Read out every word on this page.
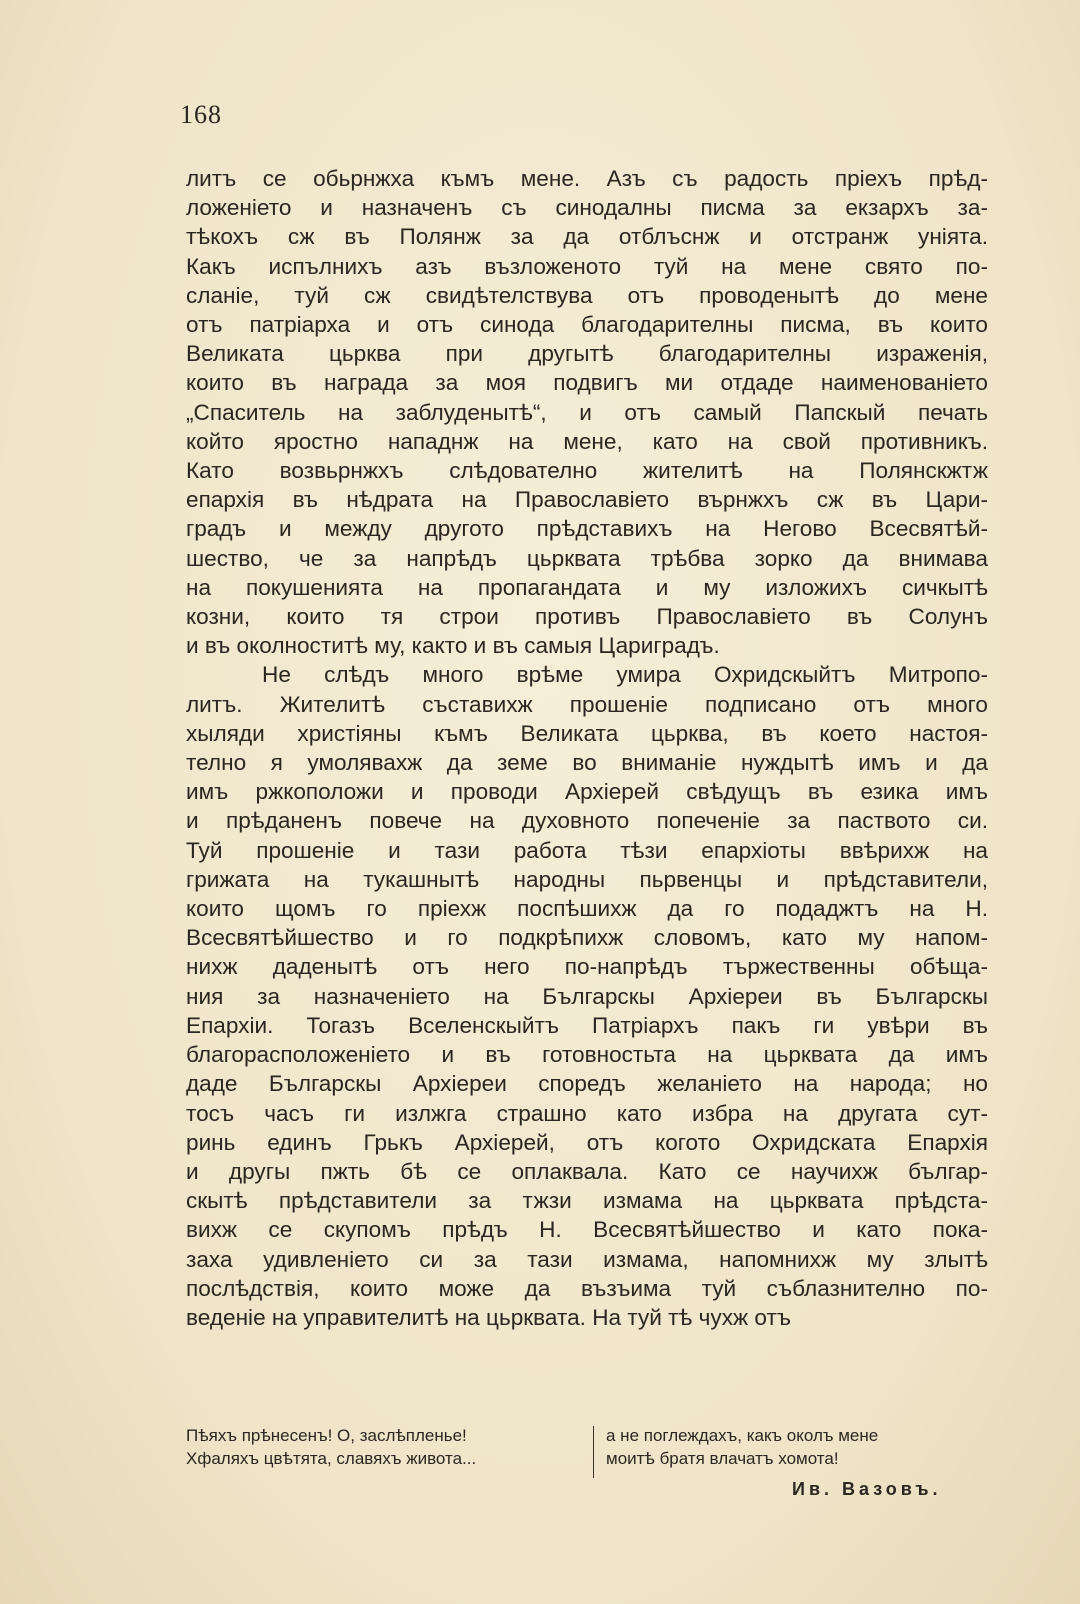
168
литъ се обьрнжха къмъ мене. Азъ съ радость пріехъ прѣд-
ложеніето и назначенъ съ синодалны писма за екзархъ за-
тѣкохъ сж въ Полянж за да отблъснж и отстранж уніята.
Какъ испълнихъ азъ възложенoто туй на мене свято по-
сланіе, туй сж свидѣтелствува отъ проводенытѣ до мене
отъ патріарха и отъ синода благодарителны писма, въ които
Великата цьрква при другытѣ благодарителны израженія,
които въ награда за моя подвигъ ми отдаде наименованіето
„Спаситель на заблуденытѣ“, и отъ самый Папскый печать
който яростно нападнж на мене, като на свой противникъ.
Като возвьрнжхъ слѣдователно жителитѣ на Полянскжтж
епархія въ нѣдрата на Православіето върнжхъ сж въ Цари-
градъ и между другото прѣдставихъ на Негово Всесвятѣй-
шество, че за напрѣдъ цьрквата трѣбва зорко да внимава
на покушенията на пропагандата и му изложихъ сичкытѣ
козни, които тя строи противъ Православіето въ Солунъ
и въ околноститѣ му, както и въ самыя Цариградъ.
Не слѣдъ много врѣме умира Охридскыйтъ Митропо-
литъ. Жителитѣ съставихж прошеніе подписано отъ много
хыляди христіяны къмъ Великата цьрква, въ което настоя-
телно я умолявахж да земе во вниманіе нуждытѣ имъ и да
имъ ржкоположи и проводи Архіерей свѣдущъ въ езика имъ
и прѣданенъ повече на духовното попеченіе за паството си.
Туй прошеніе и тази работа тѣзи епархіоты ввѣрихж на
грижата на тукашнытѣ народны пьрвенцы и прѣдставители,
които щомъ го пріехж поспѣшихж да го подаджтъ на Н.
Всесвятѣйшество и го подкрѣпихж словомъ, като му напом-
нихж даденытѣ отъ него по-напрѣдъ тържественны обѣща-
ния за назначеніето на Българскы Архіереи въ Българскы
Епархіи. Тогазъ Вселенскыйтъ Патріархъ пакъ ги увѣри въ
благорасположеніето и въ готовностьта на цьрквата да имъ
даде Българскы Архіереи споредъ желаніето на народа; но
тосъ часъ ги излжга страшно като избра на другата сут-
ринь единъ Грькъ Архіерей, отъ когото Охридската Епархія
и другы пжть бѣ се оплаквала. Като се научихж българ-
скытѣ прѣдставители за тжзи измама на цьрквата прѣдста-
вихж се скупомъ прѣдъ Н. Всесвятѣйшество и като пока-
заха удивленіето си за тази измама, напомнихж му злытѣ
послѣдствія, които може да възъима туй съблазнително по-
веденіе на управителитѣ на цьрквата. На туй тѣ чухж отъ
Пѣяхъ прѣнесенъ! О, заслѣпленье!
Хфаляхъ цвѣтята, славяхъ живота...
а не поглеждахъ, какъ околъ мене
моитѣ братя влачатъ хомота!
Ив. Вазовъ.
